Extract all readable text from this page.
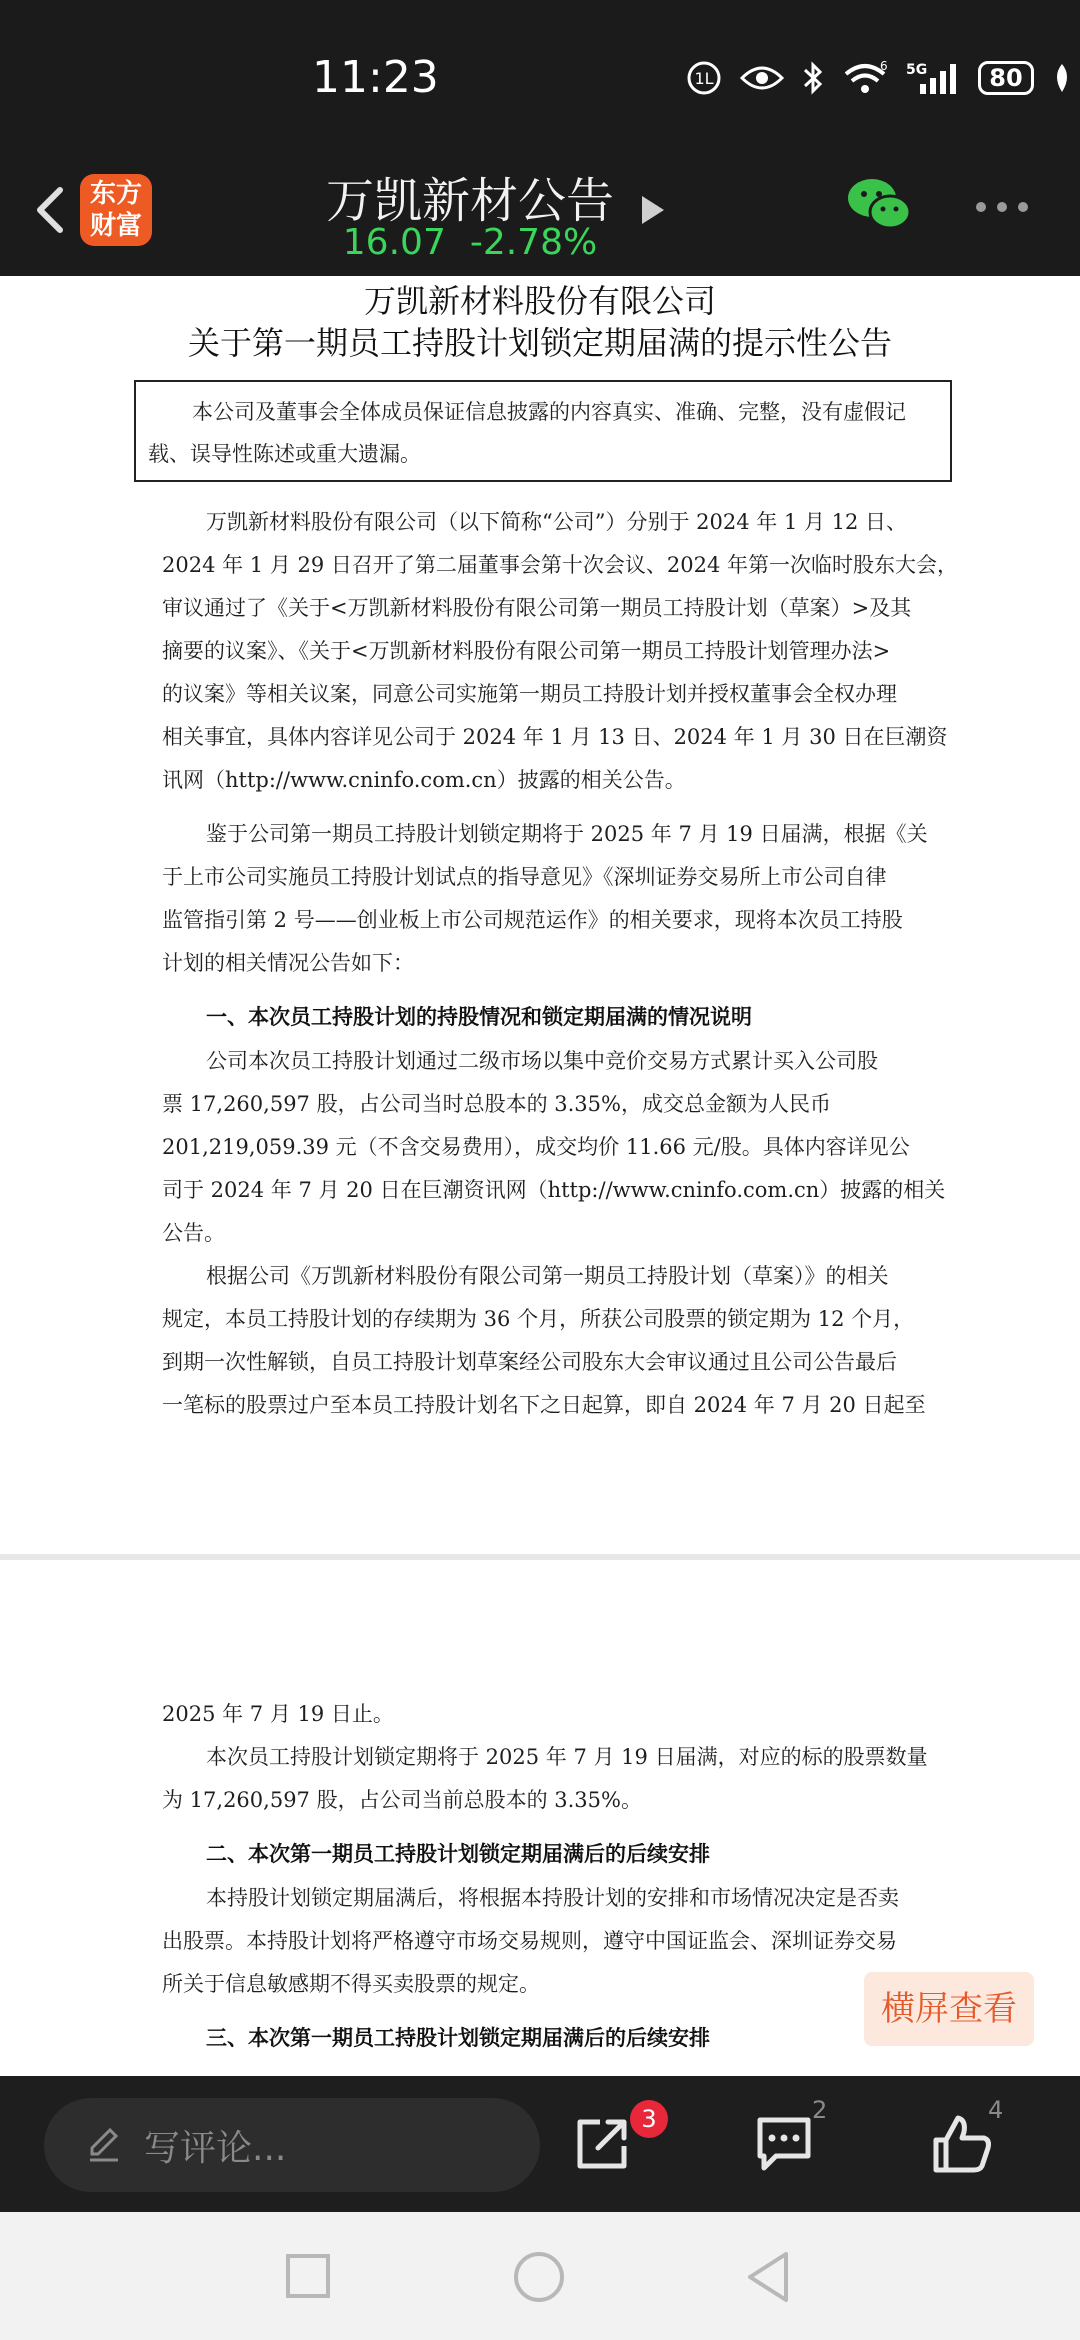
11:23	1L
6 5G	80
东方
财富	万凯新材公告
16.07 -2.78%
万凯新材料股份有限公司
关于第一期员工持股计划锁定期届满的提示性公告
本公司及董事会全体成员保证信息披露的内容真实、准确、完整，没有虚假记
载、误导性陈述或重大遗漏。
万凯新材料股份有限公司（以下简称“公司”）分别于 2024 年 1 月 12 日、
2024 年 1 月 29 日召开了第二届董事会第十次会议、2024 年第一次临时股东大会，
审议通过了《关于<万凯新材料股份有限公司第一期员工持股计划（草案）>及其
摘要的议案》、《关于<万凯新材料股份有限公司第一期员工持股计划管理办法>
的议案》等相关议案，同意公司实施第一期员工持股计划并授权董事会全权办理
相关事宜，具体内容详见公司于 2024 年 1 月 13 日、2024 年 1 月 30 日在巨潮资
讯网（http://www.cninfo.com.cn）披露的相关公告。
鉴于公司第一期员工持股计划锁定期将于 2025 年 7 月 19 日届满，根据《关
于上市公司实施员工持股计划试点的指导意见》《深圳证券交易所上市公司自律
监管指引第 2 号——创业板上市公司规范运作》的相关要求，现将本次员工持股
计划的相关情况公告如下：
一、本次员工持股计划的持股情况和锁定期届满的情况说明
公司本次员工持股计划通过二级市场以集中竞价交易方式累计买入公司股
票 17,260,597 股，占公司当时总股本的 3.35%，成交总金额为人民币
201,219,059.39 元（不含交易费用），成交均价 11.66 元/股。具体内容详见公
司于 2024 年 7 月 20 日在巨潮资讯网（http://www.cninfo.com.cn）披露的相关
公告。
根据公司《万凯新材料股份有限公司第一期员工持股计划（草案）》的相关
规定，本员工持股计划的存续期为 36 个月，所获公司股票的锁定期为 12 个月，
到期一次性解锁，自员工持股计划草案经公司股东大会审议通过且公司公告最后
一笔标的股票过户至本员工持股计划名下之日起算，即自 2024 年 7 月 20 日起至
2025 年 7 月 19 日止。
本次员工持股计划锁定期将于 2025 年 7 月 19 日届满，对应的标的股票数量
为 17,260,597 股，占公司当前总股本的 3.35%。
二、本次第一期员工持股计划锁定期届满后的后续安排
本持股计划锁定期届满后，将根据本持股计划的安排和市场情况决定是否卖
出股票。本持股计划将严格遵守市场交易规则，遵守中国证监会、深圳证券交易
所关于信息敏感期不得买卖股票的规定。
三、本次第一期员工持股计划锁定期届满后的后续安排
横屏查看
写评论...
3	2	4
